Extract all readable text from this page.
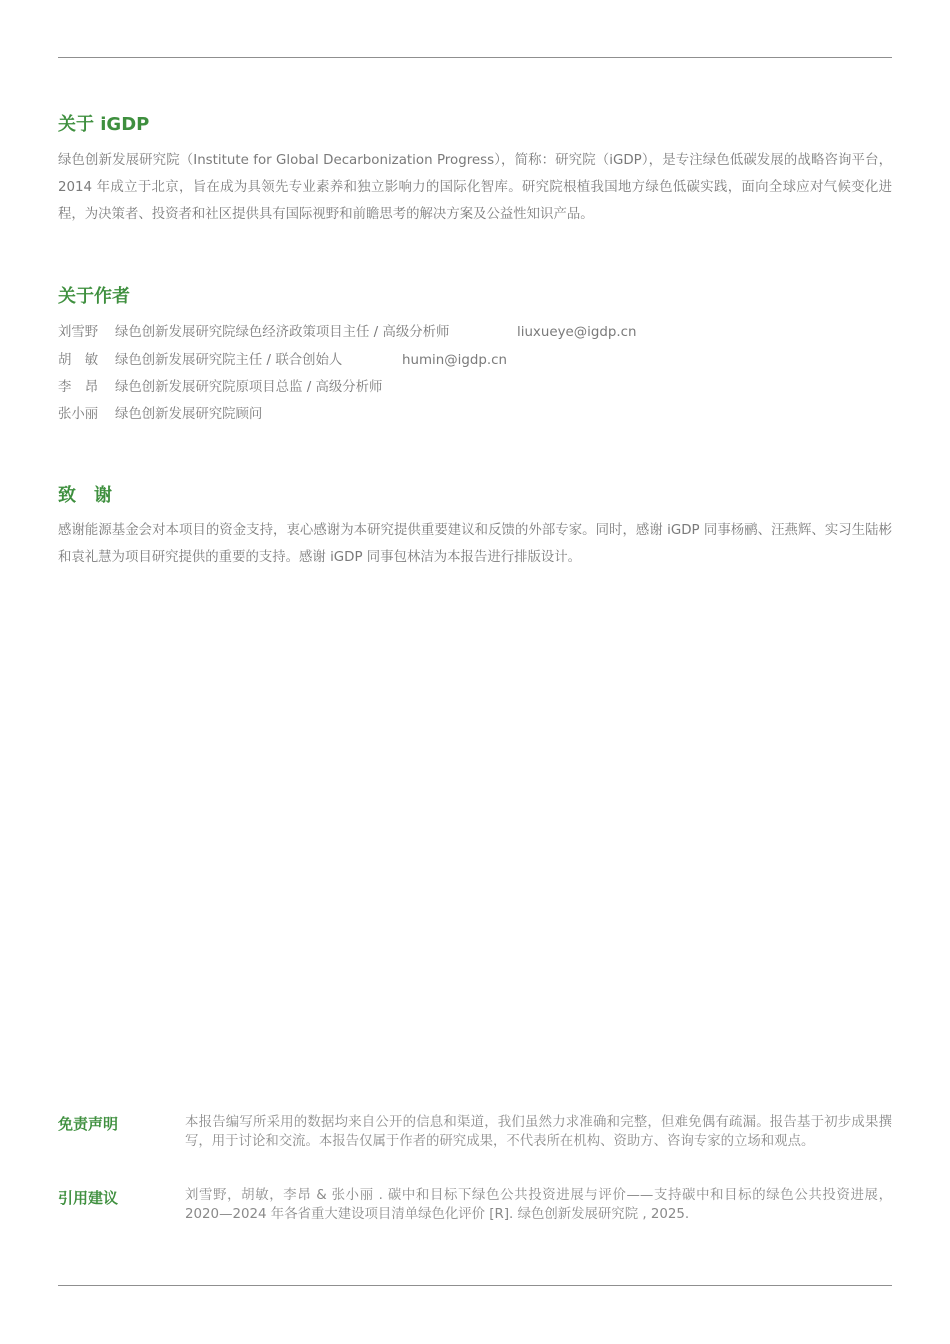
关于 iGDP
绿色创新发展研究院（Institute for Global Decarbonization Progress），简称：研究院（iGDP），是专注绿色低碳发展的战略咨询平台，2014 年成立于北京，旨在成为具领先专业素养和独立影响力的国际化智库。研究院根植我国地方绿色低碳实践，面向全球应对气候变化进程，为决策者、投资者和社区提供具有国际视野和前瞻思考的解决方案及公益性知识产品。
关于作者
刘雪野 绿色创新发展研究院绿色经济政策项目主任 / 高级分析师	liuxueye@igdp.cn
胡　敏 绿色创新发展研究院主任 / 联合创始人	humin@igdp.cn
李　昂 绿色创新发展研究院原项目总监 / 高级分析师
张小丽 绿色创新发展研究院顾问
致　谢
感谢能源基金会对本项目的资金支持，衷心感谢为本研究提供重要建议和反馈的外部专家。同时，感谢 iGDP 同事杨鹂、汪燕辉、实习生陆彬和袁礼慧为项目研究提供的重要的支持。感谢 iGDP 同事包林洁为本报告进行排版设计。
免责声明	本报告编写所采用的数据均来自公开的信息和渠道，我们虽然力求准确和完整，但难免偶有疏漏。报告基于初步成果撰写，用于讨论和交流。本报告仅属于作者的研究成果，不代表所在机构、资助方、咨询专家的立场和观点。
引用建议	刘雪野，胡敏，李昂 & 张小丽 . 碳中和目标下绿色公共投资进展与评价——支持碳中和目标的绿色公共投资进展，2020—2024 年各省重大建设项目清单绿色化评价 [R]. 绿色创新发展研究院 , 2025.
